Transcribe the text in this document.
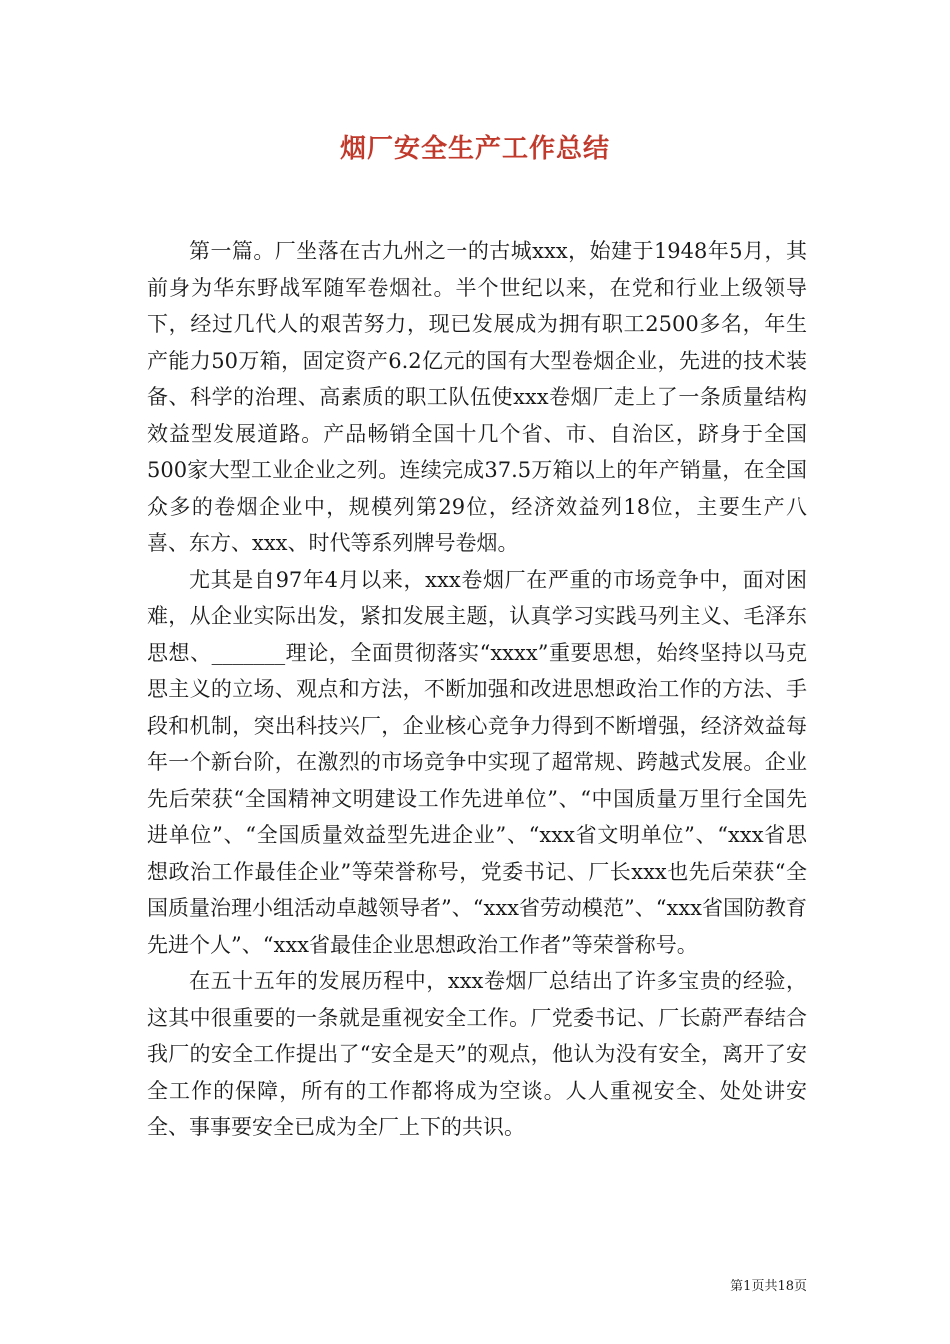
烟厂安全生产工作总结

第一篇。厂坐落在古九州之一的古城xxx，始建于1948年5月，其前身为华东野战军随军卷烟社。半个世纪以来，在党和行业上级领导下，经过几代人的艰苦努力，现已发展成为拥有职工2500多名，年生产能力50万箱，固定资产6.2亿元的国有大型卷烟企业，先进的技术装备、科学的治理、高素质的职工队伍使xxx卷烟厂走上了一条质量结构效益型发展道路。产品畅销全国十几个省、市、自治区，跻身于全国500家大型工业企业之列。连续完成37.5万箱以上的年产销量，在全国众多的卷烟企业中，规模列第29位，经济效益列18位，主要生产八喜、东方、xxx、时代等系列牌号卷烟。

尤其是自97年4月以来，xxx卷烟厂在严重的市场竞争中，面对困难，从企业实际出发，紧扣发展主题，认真学习实践马列主义、毛泽东思想、_______理论，全面贯彻落实“xxxx”重要思想，始终坚持以马克思主义的立场、观点和方法，不断加强和改进思想政治工作的方法、手段和机制，突出科技兴厂，企业核心竞争力得到不断增强，经济效益每年一个新台阶，在激烈的市场竞争中实现了超常规、跨越式发展。企业先后荣获“全国精神文明建设工作先进单位”、“中国质量万里行全国先进单位”、“全国质量效益型先进企业”、“xxx省文明单位”、“xxx省思想政治工作最佳企业”等荣誉称号，党委书记、厂长xxx也先后荣获“全国质量治理小组活动卓越领导者”、“xxx省劳动模范”、“xxx省国防教育先进个人”、“xxx省最佳企业思想政治工作者”等荣誉称号。

在五十五年的发展历程中，xxx卷烟厂总结出了许多宝贵的经验，这其中很重要的一条就是重视安全工作。厂党委书记、厂长蔚严春结合我厂的安全工作提出了“安全是天”的观点，他认为没有安全，离开了安全工作的保障，所有的工作都将成为空谈。人人重视安全、处处讲安全、事事要安全已成为全厂上下的共识。

第1页共18页
